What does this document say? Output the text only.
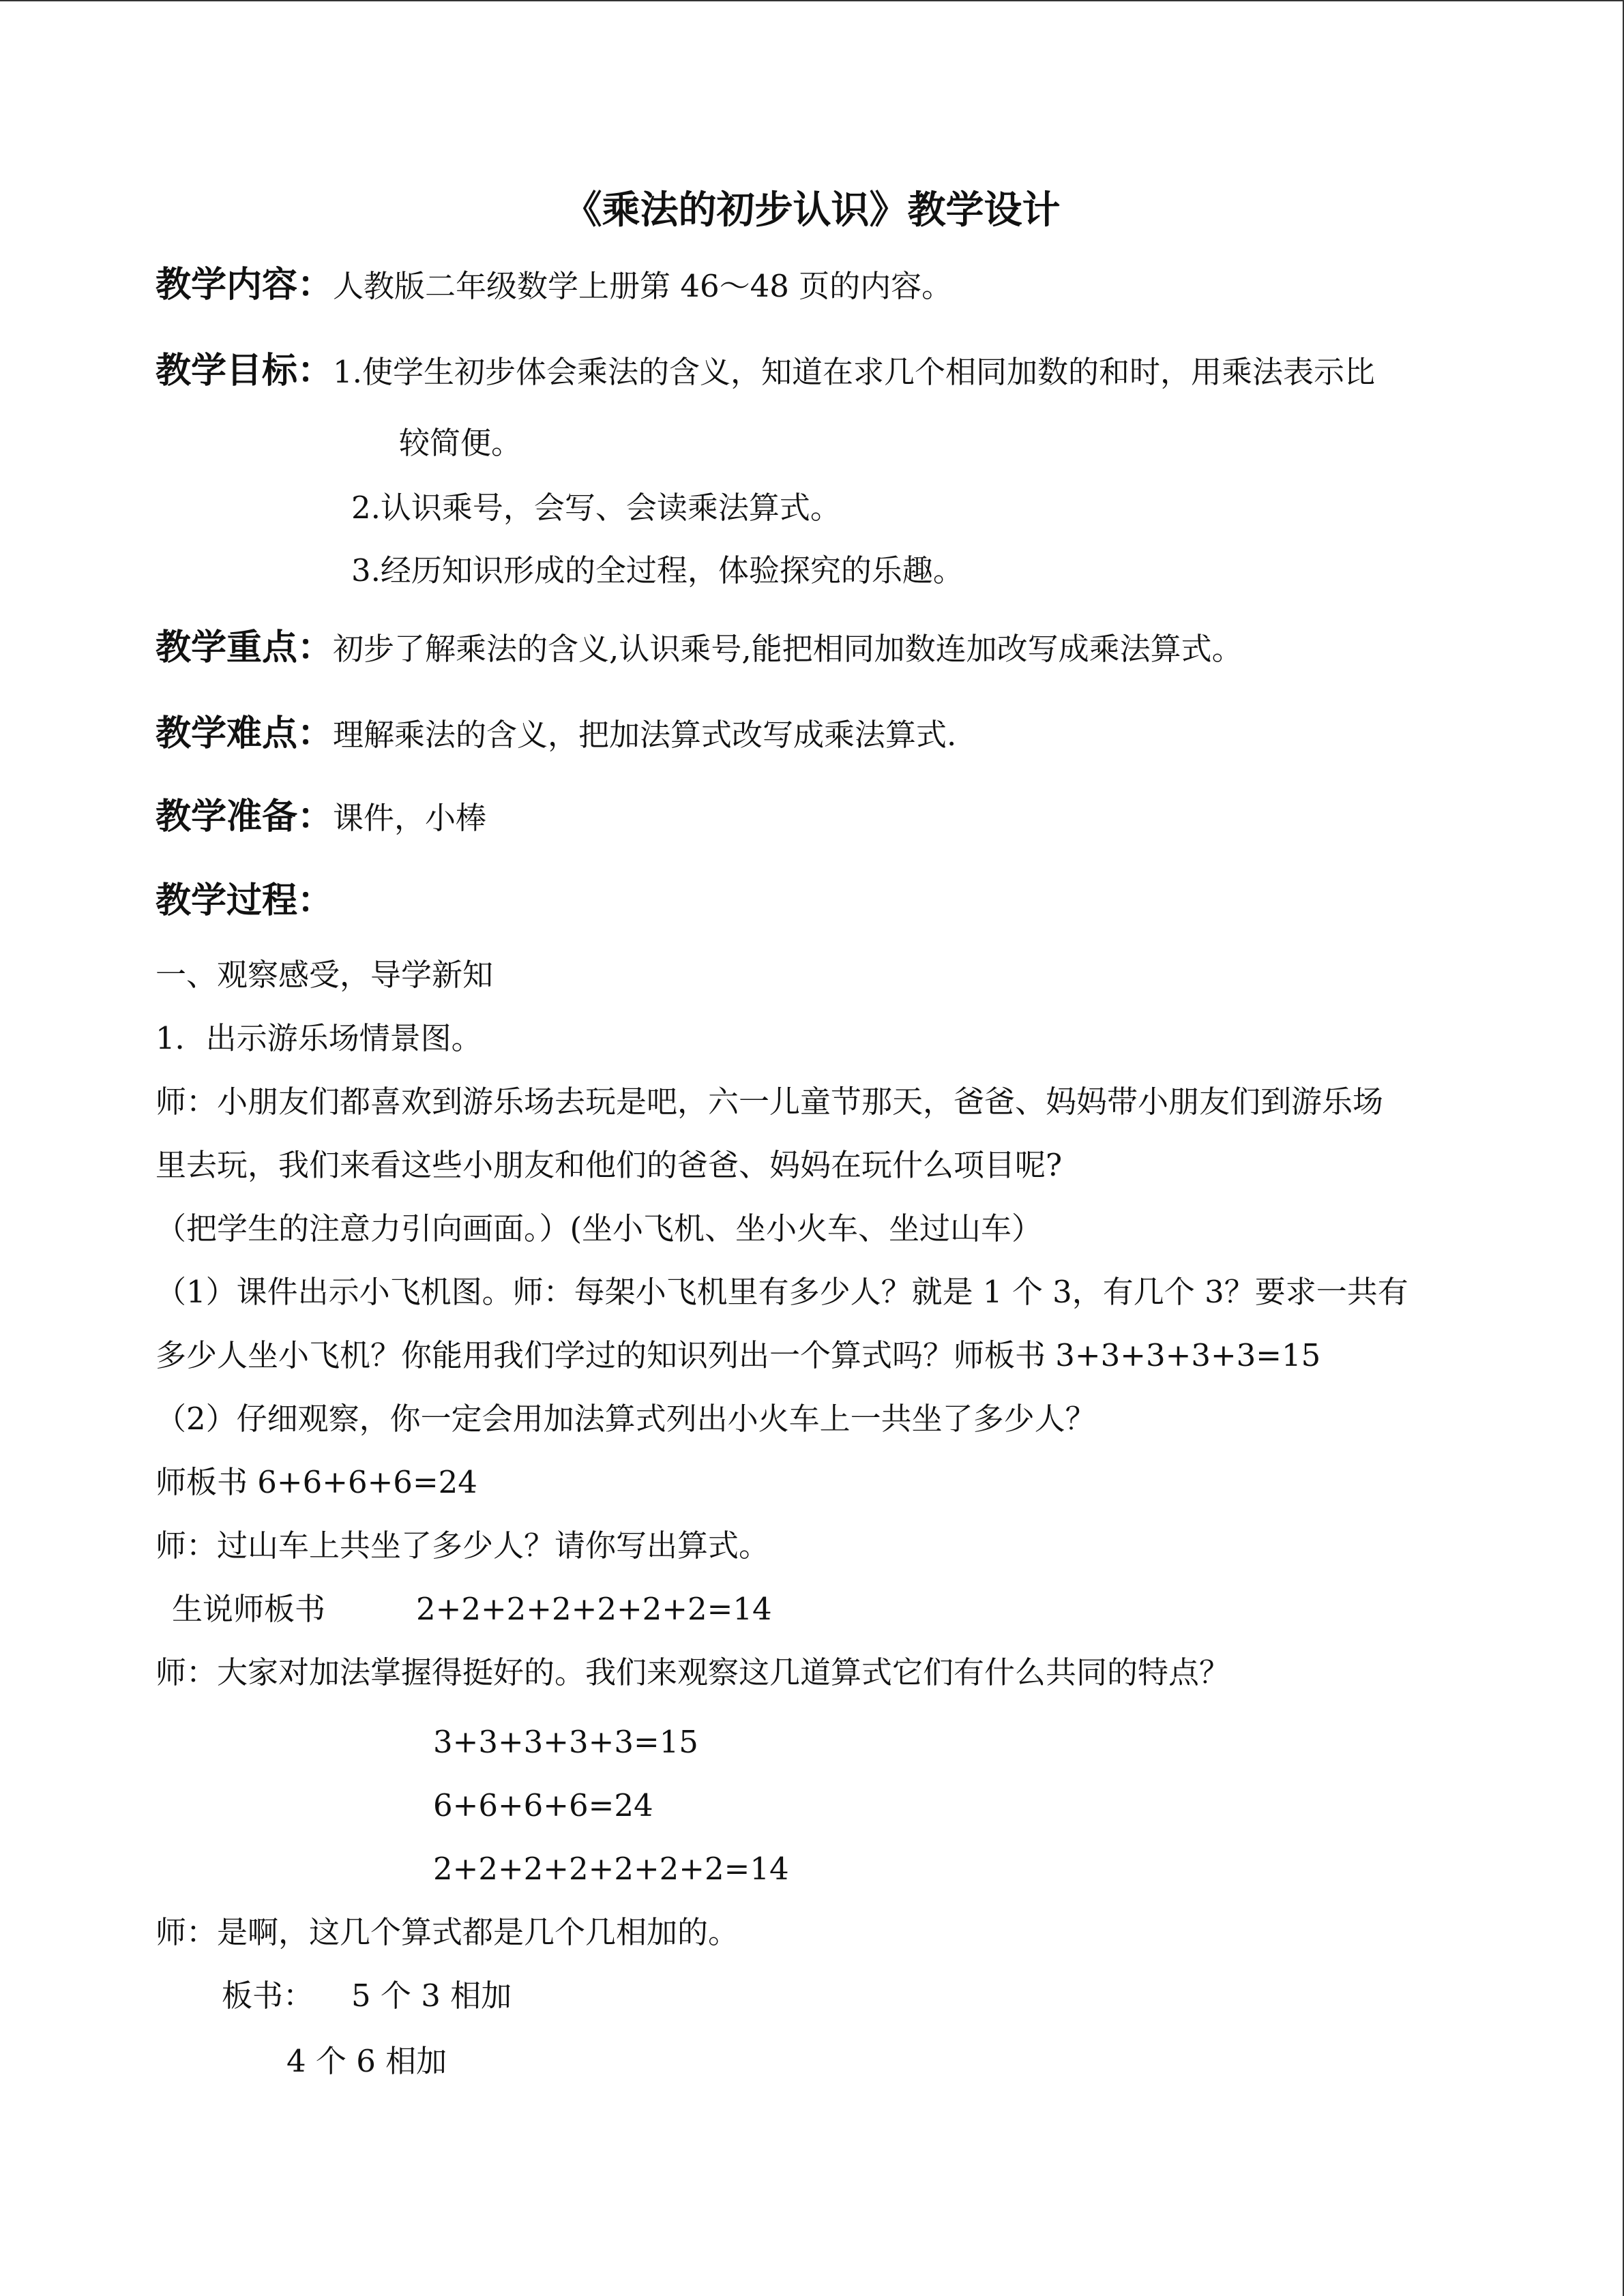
《乘法的初步认识》教学设计
教学内容：人教版二年级数学上册第 46～48 页的内容。
教学目标：1.使学生初步体会乘法的含义，知道在求几个相同加数的和时，用乘法表示比
较简便。
2.认识乘号，会写、会读乘法算式。
3.经历知识形成的全过程，体验探究的乐趣。
教学重点：初步了解乘法的含义,认识乘号,能把相同加数连加改写成乘法算式。
教学难点：理解乘法的含义，把加法算式改写成乘法算式.
教学准备：课件，小棒
教学过程：
一、观察感受，导学新知
1．出示游乐场情景图。
师：小朋友们都喜欢到游乐场去玩是吧，六一儿童节那天，爸爸、妈妈带小朋友们到游乐场
里去玩，我们来看这些小朋友和他们的爸爸、妈妈在玩什么项目呢?
（把学生的注意力引向画面。）(坐小飞机、坐小火车、坐过山车）
（1）课件出示小飞机图。师：每架小飞机里有多少人？就是 1 个 3，有几个 3？要求一共有
多少人坐小飞机？你能用我们学过的知识列出一个算式吗？师板书 3+3+3+3+3=15
（2）仔细观察，你一定会用加法算式列出小火车上一共坐了多少人？
师板书 6+6+6+6=24
师：过山车上共坐了多少人？请你写出算式。
生说师板书	2+2+2+2+2+2+2=14
师：大家对加法掌握得挺好的。我们来观察这几道算式它们有什么共同的特点？
3+3+3+3+3=15
6+6+6+6=24
2+2+2+2+2+2+2=14
师：是啊，这几个算式都是几个几相加的。
板书： 5 个 3 相加
4 个 6 相加
